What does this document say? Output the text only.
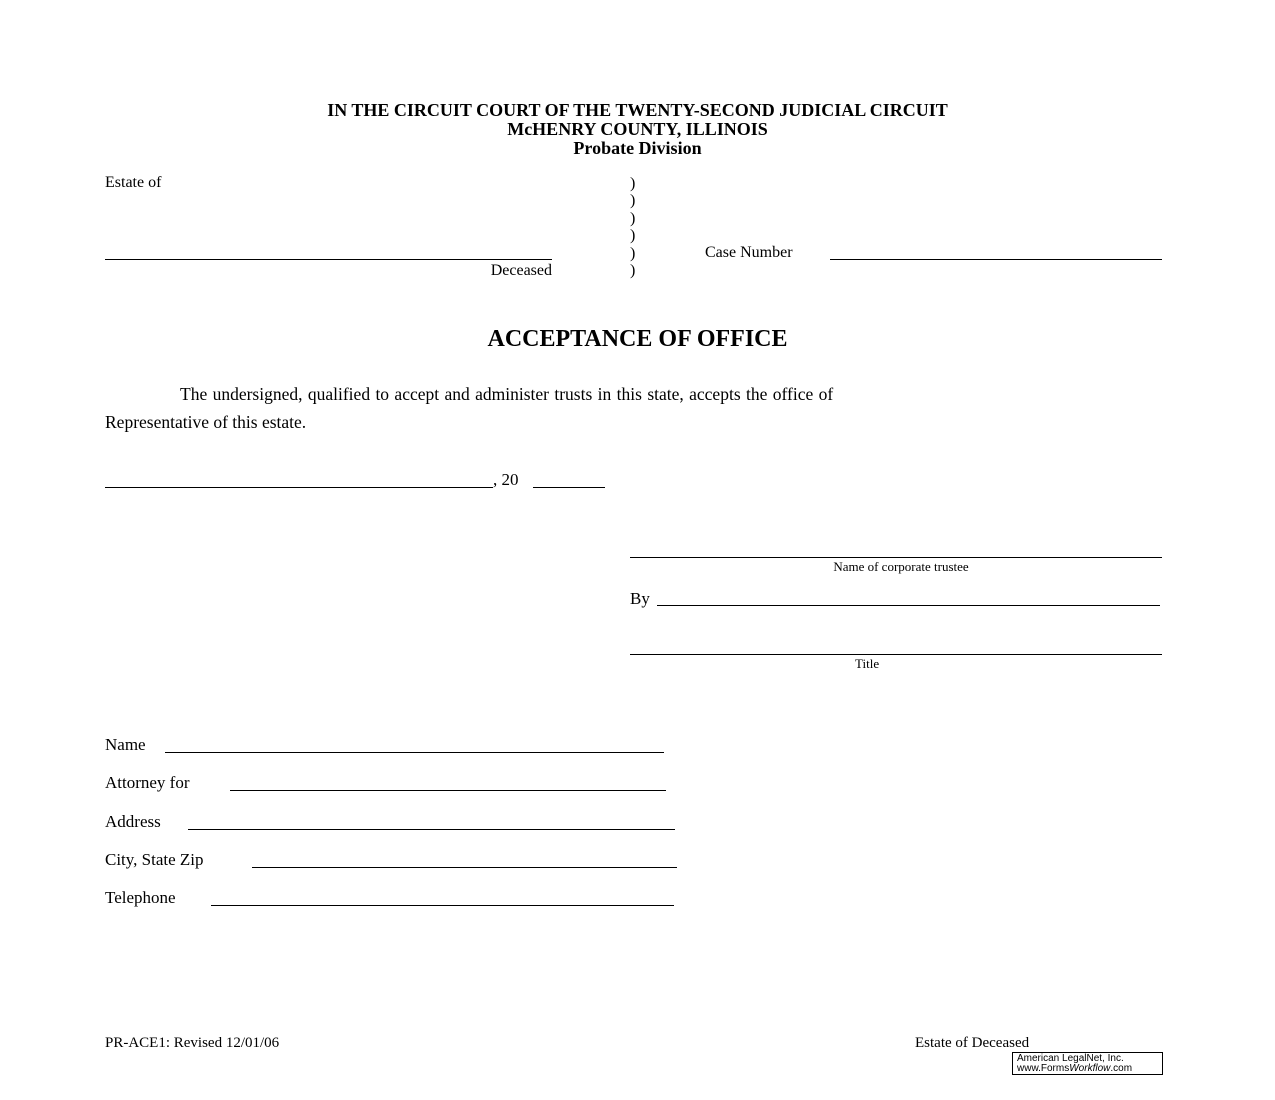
IN THE CIRCUIT COURT OF THE TWENTY-SECOND JUDICIAL CIRCUIT
McHENRY COUNTY, ILLINOIS
Probate Division
Estate of	)
)
)
)
)
)
Deceased
Case Number
ACCEPTANCE OF OFFICE
The undersigned, qualified to accept and administer trusts in this state, accepts the office of
Representative of this estate.
, 20
Name of corporate trustee
By
Title
Name
Attorney for
Address
City, State Zip
Telephone
PR-ACE1: Revised 12/01/06	Estate of Deceased
American LegalNet, Inc.
www.FormsWorkflow.com
